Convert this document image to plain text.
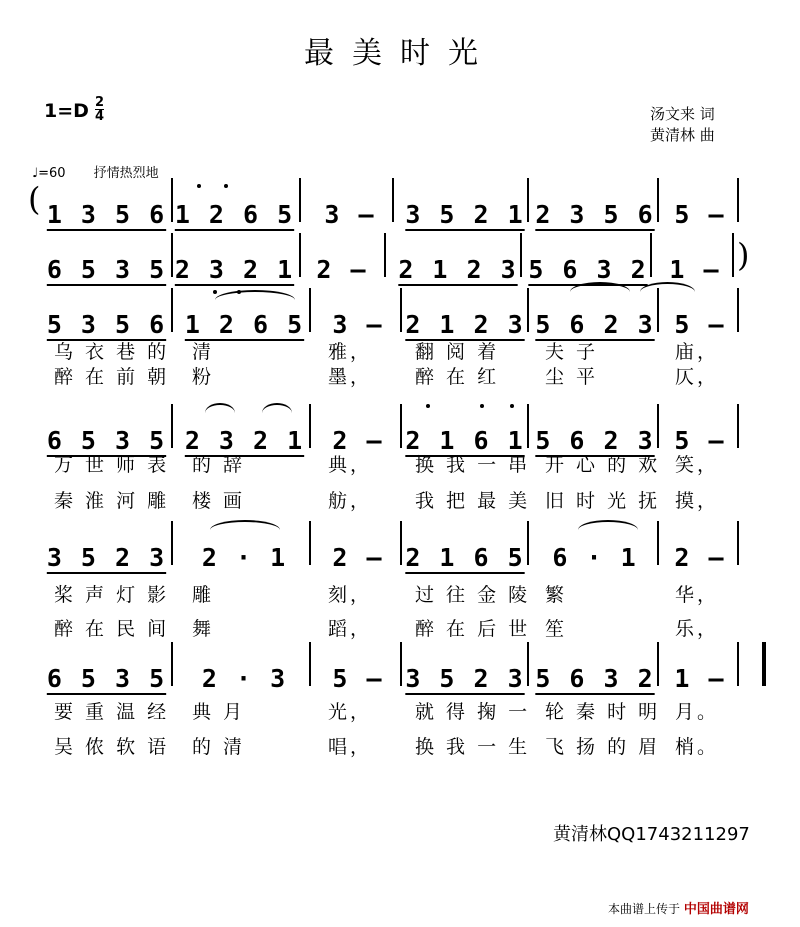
最美时光
$1=D \frac{2}{4}$	汤文来 词
黄清林 曲
♩=60 抒情热烈地
1 3 5 6 1 2 6 5 3 – 3 5 2 1 2 3 5 6 5 –
6 5 3 5 2 3 2 1 2 – 2 1 2 3 5 6 3 2 1 –
5 3 5 6 1 2 6 5 3 – 2 1 2 3 5 6 2 3 5 –
乌 衣 巷 的 清	雅， 翻 阅 着 夫 子	庙，
醉 在 前 朝 粉	墨， 醉 在 红 尘 平	仄，
6 5 3 5 2 3 2 1 2 – 2 1 6 1 5 6 2 3 5 –
万 世 师 表 的 辞	典， 换 我 一 串 开 心 的 欢 笑，
秦 淮 河 雕 楼 画	舫， 我 把 最 美 旧 时 光 抚 摸，
3 5 2 3 2 · 1 2 – 2 1 6 5 6 · 1 2 –
桨 声 灯 影 雕	刻， 过 往 金 陵 繁	华，
醉 在 民 间 舞	蹈， 醉 在 后 世 笙	乐，
6 5 3 5 2 · 3 5 – 3 5 2 3 5 6 3 2 1 –
要 重 温 经 典 月	光， 就 得 掬 一 轮 秦 时 明 月。
吴 侬 软 语 的 清	唱， 换 我 一 生 飞 扬 的 眉 梢。
(
)
黄清林QQ1743211297
本曲谱上传于 中国曲谱网
